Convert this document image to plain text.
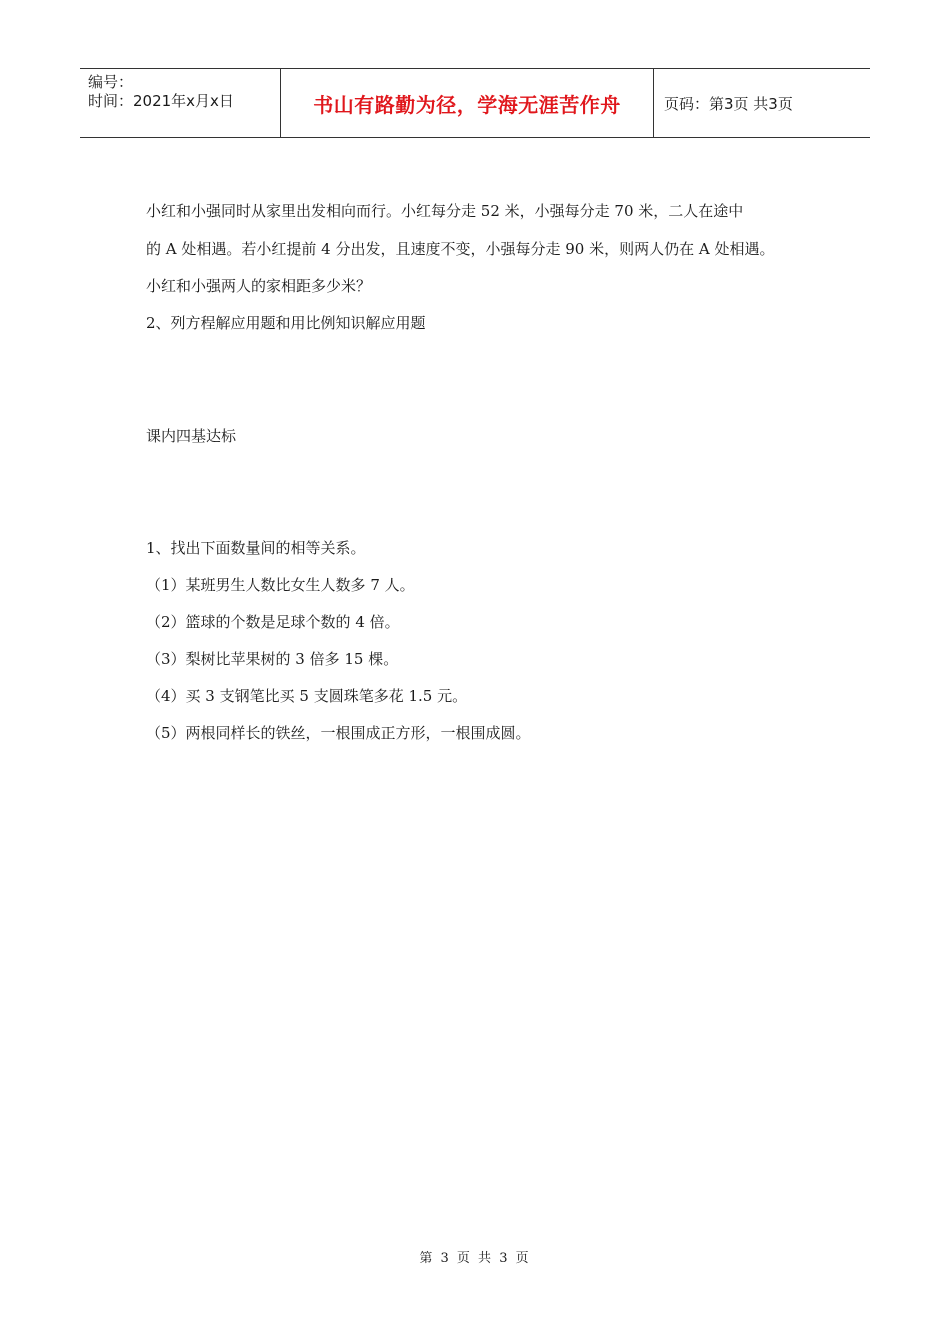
编号：
时间：2021年x月x日	书山有路勤为径，学海无涯苦作舟	页码：第3页 共3页
小红和小强同时从家里出发相向而行。小红每分走 52 米，小强每分走 70 米，二人在途中
的 A 处相遇。若小红提前 4 分出发，且速度不变，小强每分走 90 米，则两人仍在 A 处相遇。
小红和小强两人的家相距多少米？
2、列方程解应用题和用比例知识解应用题
课内四基达标
1、找出下面数量间的相等关系。
（1）某班男生人数比女生人数多 7 人。
（2）篮球的个数是足球个数的 4 倍。
（3）梨树比苹果树的 3 倍多 15 棵。
（4）买 3 支钢笔比买 5 支圆珠笔多花 1.5 元。
（5）两根同样长的铁丝，一根围成正方形，一根围成圆。
第 3 页 共 3 页
